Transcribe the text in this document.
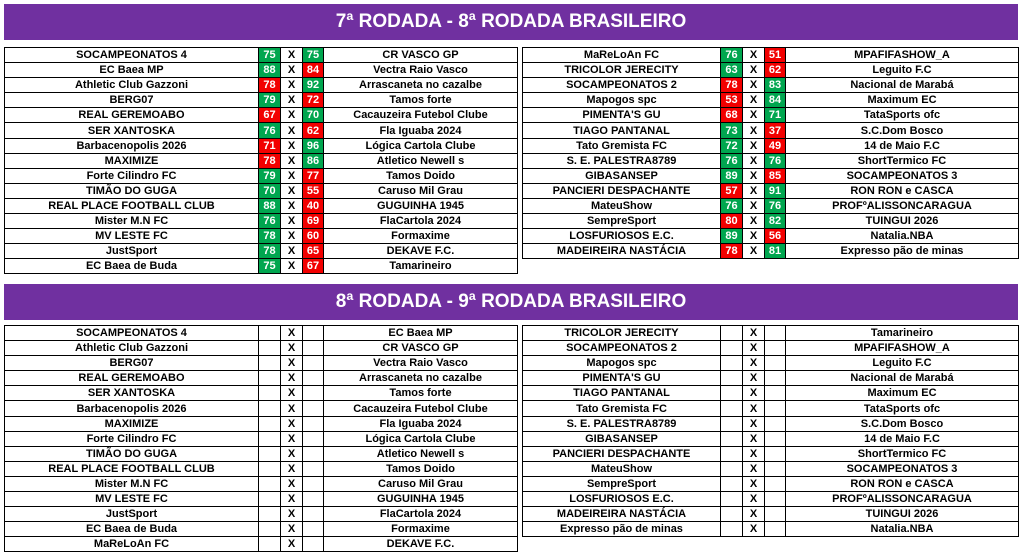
7ª RODADA - 8ª RODADA BRASILEIRO
SOCAMPEONATOS 4	75	X	75	CR VASCO GP
EC Baea MP	88	X	84	Vectra Raio Vasco
Athletic Club Gazzoni	78	X	92	Arrascaneta no cazalbe
BERG07	79	X	72	Tamos forte
REAL GEREMOABO	67	X	70	Cacauzeira Futebol Clube
SER XANTOSKA	76	X	62	Fla Iguaba 2024
Barbacenopolis 2026	71	X	96	Lógica Cartola Clube
MAXIMIZE	78	X	86	Atletico Newell s
Forte Cilindro FC	79	X	77	Tamos Doido
TIMÃO DO GUGA	70	X	55	Caruso Mil Grau
REAL PLACE FOOTBALL CLUB	88	X	40	GUGUINHA 1945
Mister M.N FC	76	X	69	FlaCartola 2024
MV LESTE FC	78	X	60	Formaxime
JustSport	78	X	65	DEKAVE F.C.
EC Baea de Buda	75	X	67	Tamarineiro
MaReLoAn FC	76	X	51	MPAFIFASHOW_A
TRICOLOR JERECITY	63	X	62	Leguito F.C
SOCAMPEONATOS 2	78	X	83	Nacional de Marabá
Mapogos spc	53	X	84	Maximum EC
PIMENTA'S GU	68	X	71	TataSports ofc
TIAGO PANTANAL	73	X	37	S.C.Dom Bosco
Tato Gremista FC	72	X	49	14 de Maio F.C
S. E. PALESTRA8789	76	X	76	ShortTermico FC
GIBASANSEP	89	X	85	SOCAMPEONATOS 3
PANCIERI DESPACHANTE	57	X	91	RON RON e CASCA
MateuShow	76	X	76	PROFºALISSONCARAGUA
SempreSport	80	X	82	TUINGUI 2026
LOSFURIOSOS E.C.	89	X	56	Natalia.NBA
MADEIREIRA NASTÁCIA	78	X	81	Expresso pão de minas
8ª RODADA - 9ª RODADA BRASILEIRO
SOCAMPEONATOS 4		X		EC Baea MP
Athletic Club Gazzoni		X		CR VASCO GP
BERG07		X		Vectra Raio Vasco
REAL GEREMOABO		X		Arrascaneta no cazalbe
SER XANTOSKA		X		Tamos forte
Barbacenopolis 2026		X		Cacauzeira Futebol Clube
MAXIMIZE		X		Fla Iguaba 2024
Forte Cilindro FC		X		Lógica Cartola Clube
TIMÃO DO GUGA		X		Atletico Newell s
REAL PLACE FOOTBALL CLUB		X		Tamos Doido
Mister M.N FC		X		Caruso Mil Grau
MV LESTE FC		X		GUGUINHA 1945
JustSport		X		FlaCartola 2024
EC Baea de Buda		X		Formaxime
MaReLoAn FC		X		DEKAVE F.C.
TRICOLOR JERECITY		X		Tamarineiro
SOCAMPEONATOS 2		X		MPAFIFASHOW_A
Mapogos spc		X		Leguito F.C
PIMENTA'S GU		X		Nacional de Marabá
TIAGO PANTANAL		X		Maximum EC
Tato Gremista FC		X		TataSports ofc
S. E. PALESTRA8789		X		S.C.Dom Bosco
GIBASANSEP		X		14 de Maio F.C
PANCIERI DESPACHANTE		X		ShortTermico FC
MateuShow		X		SOCAMPEONATOS 3
SempreSport		X		RON RON e CASCA
LOSFURIOSOS E.C.		X		PROFºALISSONCARAGUA
MADEIREIRA NASTÁCIA		X		TUINGUI 2026
Expresso pão de minas		X		Natalia.NBA
